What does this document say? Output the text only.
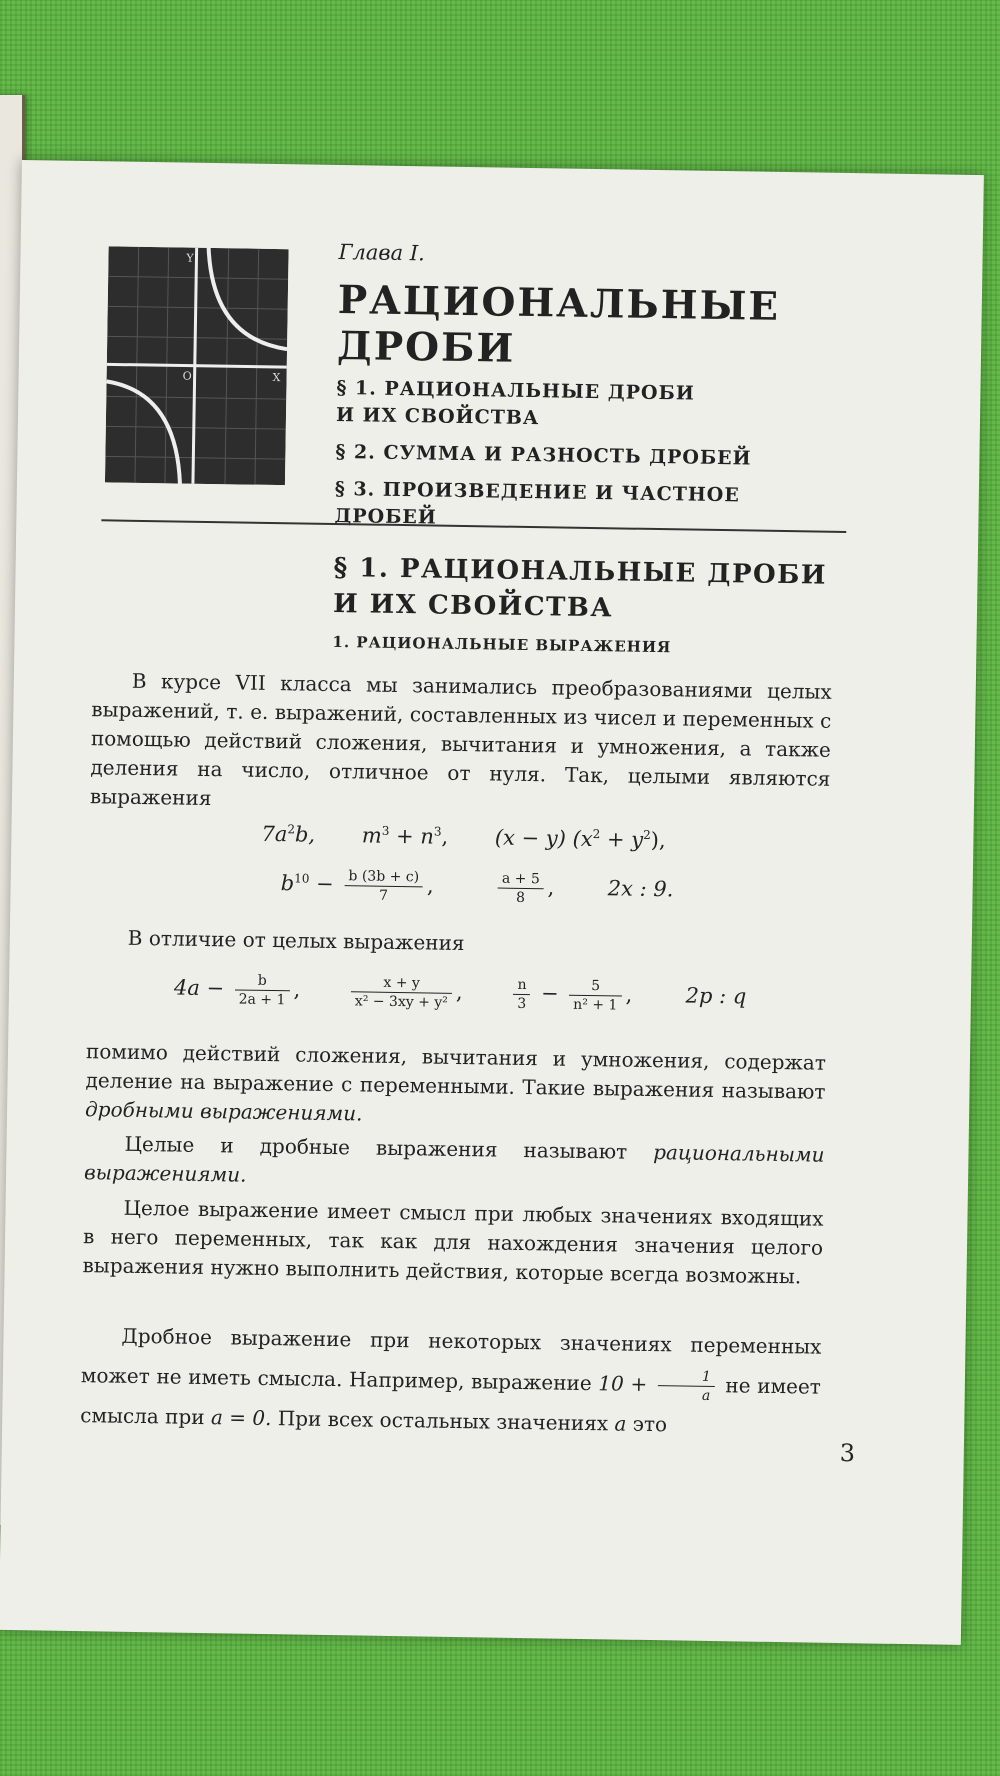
Y
X
O
Глава I.
РАЦИОНАЛЬНЫЕ
ДРОБИ
§ 1. РАЦИОНАЛЬНЫЕ ДРОБИ
И ИХ СВОЙСТВА
§ 2. СУММА И РАЗНОСТЬ ДРОБЕЙ
§ 3. ПРОИЗВЕДЕНИЕ И ЧАСТНОЕ
ДРОБЕЙ
§ 1. РАЦИОНАЛЬНЫЕ ДРОБИ
И ИХ СВОЙСТВА
1. РАЦИОНАЛЬНЫЕ ВЫРАЖЕНИЯ

В курсе VII класса мы занимались преобразованиями целых выражений, т. е. выражений, составленных из чисел и переменных с помощью действий сложения, вычитания и умножения, а также деления на число, отличное от нуля. Так, целыми являются выражения

$7a^2b$, $m^3 + n^3$, (x − y) $(x^2 + y^2)$,
$b^{10} - \frac{b (3b + c)}{7}$ , $\frac{a + 5}{8}$ ,        2x : 9.

В отличие от целых выражения

$4a - \frac{b}{2a + 1}$ , $\frac{x + y}{\text{x² − 3xy + y²}}$ , $\frac{n}{3} - \frac{5}{\text{n² + 1}}$ ,        2p : q

помимо действий сложения, вычитания и умножения, содержат деление на выражение с переменными. Такие выражения называют дробными выражениями.

Целые и дробные выражения называют рациональными выражениями.

Целое выражение имеет смысл при любых значениях входящих в него переменных, так как для нахождения значения целого выражения нужно выполнить действия, которые всегда возможны.

Дробное выражение при некоторых значениях переменных может не иметь смысла. Например, выражение $10 + \frac{1}{a}$ не имеет смысла при a = 0. При всех остальных значениях a это

3
